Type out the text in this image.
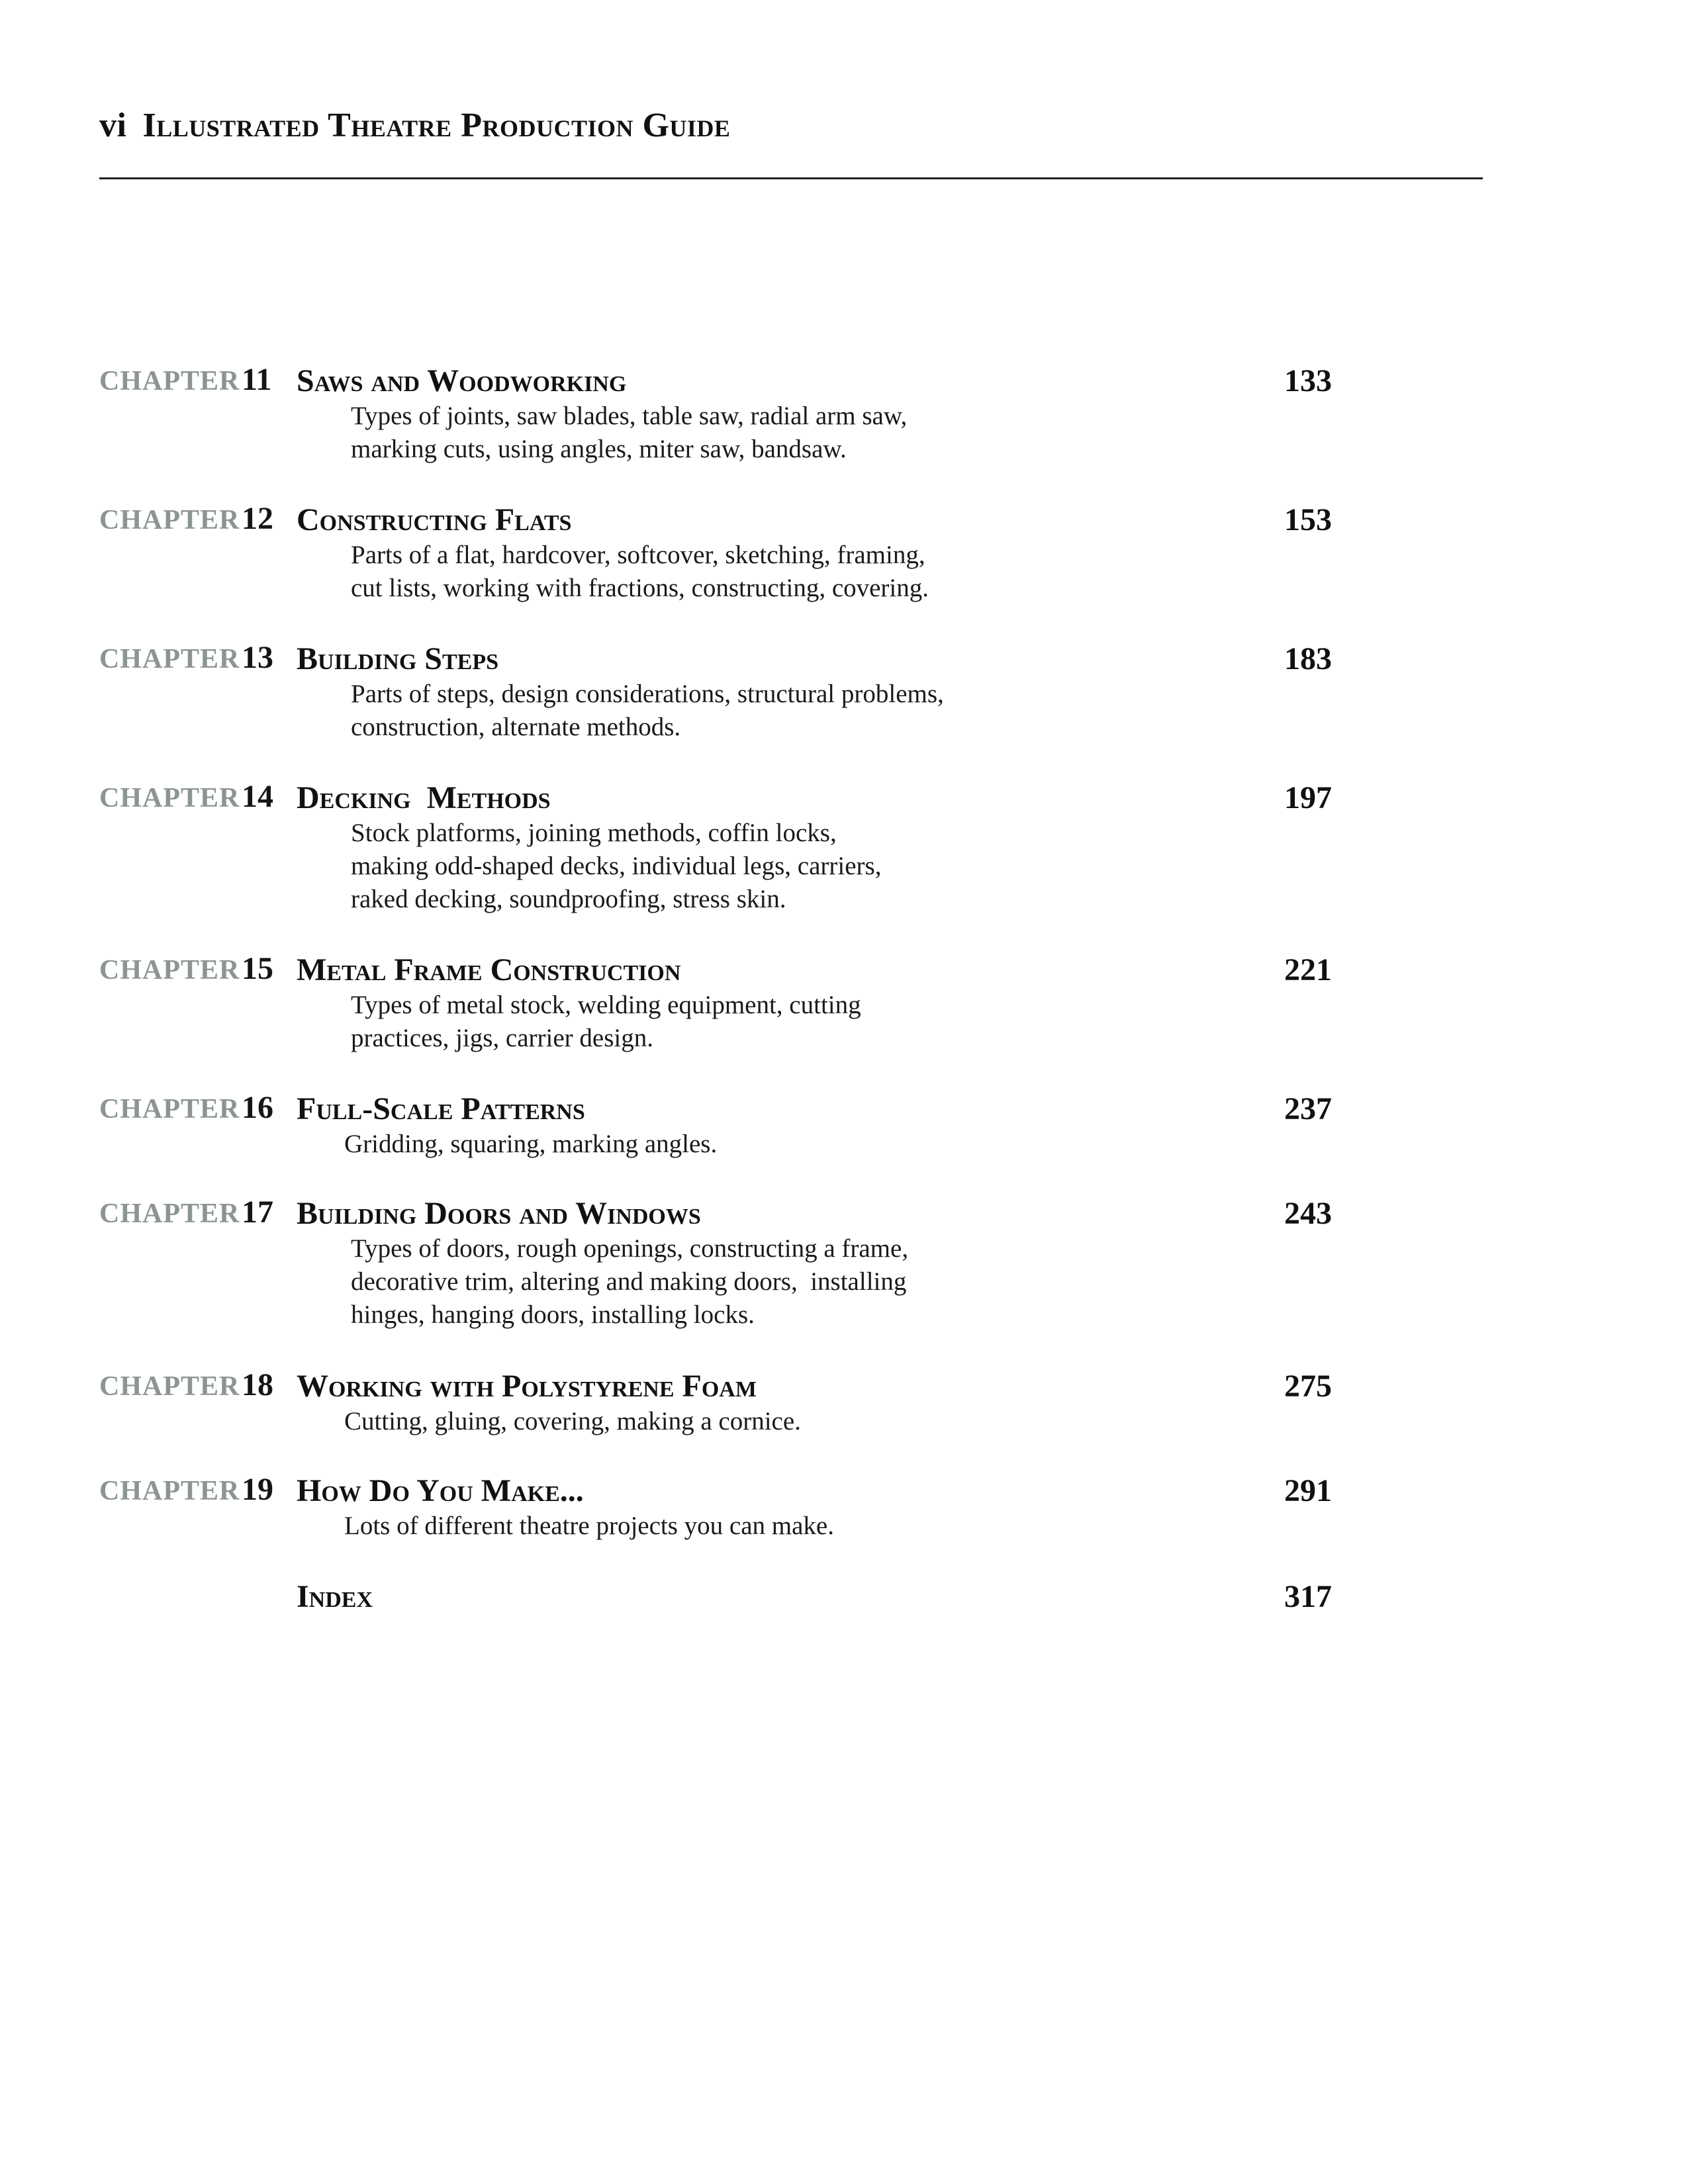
vi Illustrated Theatre Production Guide
CHAPTER 11 Saws and Woodworking	133
Types of joints, saw blades, table saw, radial arm saw,
marking cuts, using angles, miter saw, bandsaw.
CHAPTER 12 Constructing Flats	153
Parts of a flat, hardcover, softcover, sketching, framing,
cut lists, working with fractions, constructing, covering.
CHAPTER 13 Building Steps	183
Parts of steps, design considerations, structural problems,
construction, alternate methods.
CHAPTER 14 Decking  Methods	197
Stock platforms, joining methods, coffin locks,
making odd-shaped decks, individual legs, carriers,
raked decking, soundproofing, stress skin.
CHAPTER 15 Metal Frame Construction	221
Types of metal stock, welding equipment, cutting
practices, jigs, carrier design.
CHAPTER 16 Full-Scale Patterns	237
Gridding, squaring, marking angles.
CHAPTER 17 Building Doors and Windows	243
Types of doors, rough openings, constructing a frame,
decorative trim, altering and making doors,  installing
hinges, hanging doors, installing locks.
CHAPTER 18 Working with Polystyrene Foam	275
Cutting, gluing, covering, making a cornice.
CHAPTER 19 How Do You Make...	291
Lots of different theatre projects you can make.
Index	317
